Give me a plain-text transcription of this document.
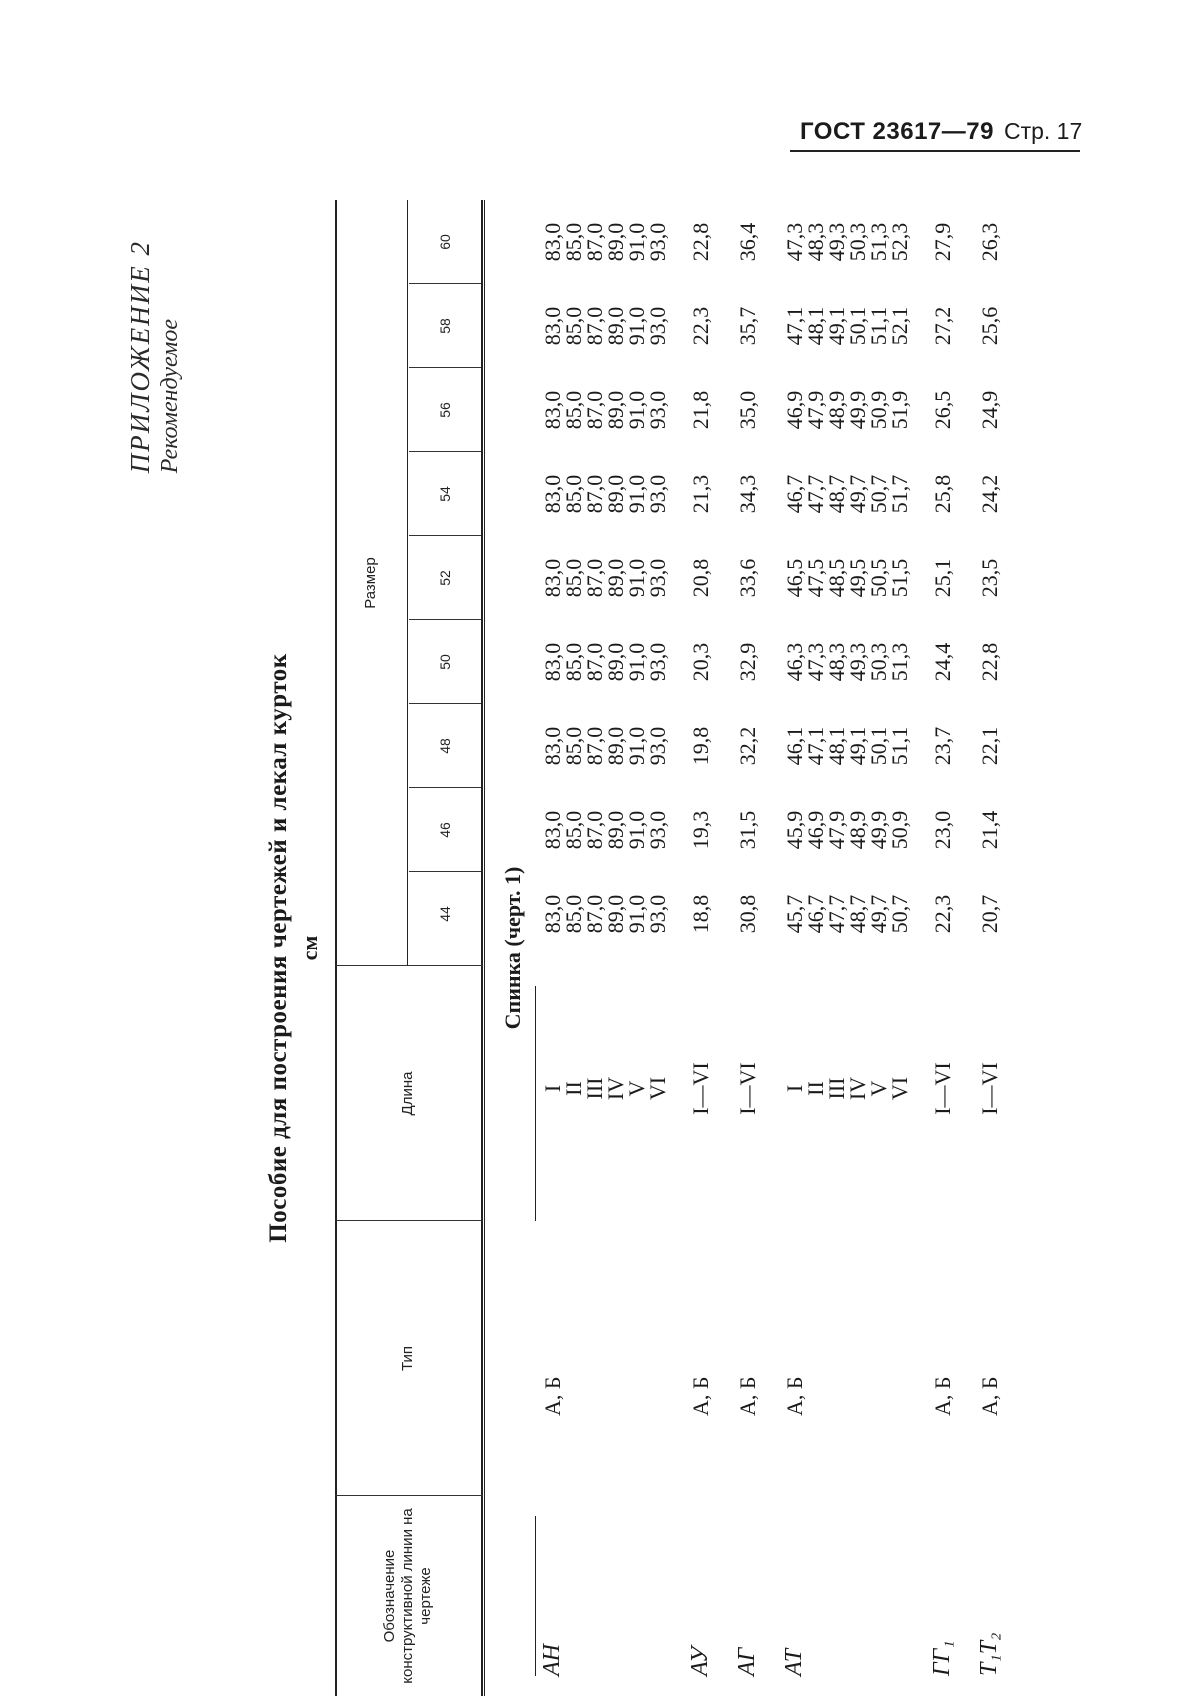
ГОСТ 23617—79 Стр. 17
ПРИЛОЖЕНИЕ 2 Рекомендуемое
Пособие для построения чертежей и лекал курток см
Обозначение конструктивной линии на чертеже
Тип
Длина
Размер
44
46
48
50
52
54
56
58
60
Спинка (черт. 1)
АН
А, Б
I
II
III
IV
V
VI
83,0
85,0
87,0
89,0
91,0
93,0
83,0
85,0
87,0
89,0
91,0
93,0
83,0
85,0
87,0
89,0
91,0
93,0
83,0
85,0
87,0
89,0
91,0
93,0
83,0
85,0
87,0
89,0
91,0
93,0
83,0
85,0
87,0
89,0
91,0
93,0
83,0
85,0
87,0
89,0
91,0
93,0
83,0
85,0
87,0
89,0
91,0
93,0
83,0
85,0
87,0
89,0
91,0
93,0
АУ
А, Б
I—VI
18,8
19,3
19,8
20,3
20,8
21,3
21,8
22,3
22,8
АГ
А, Б
I—VI
30,8
31,5
32,2
32,9
33,6
34,3
35,0
35,7
36,4
АТ
А, Б
I
II
III
IV
V
VI
45,7
46,7
47,7
48,7
49,7
50,7
45,9
46,9
47,9
48,9
49,9
50,9
46,1
47,1
48,1
49,1
50,1
51,1
46,3
47,3
48,3
49,3
50,3
51,3
46,5
47,5
48,5
49,5
50,5
51,5
46,7
47,7
48,7
49,7
50,7
51,7
46,9
47,9
48,9
49,9
50,9
51,9
47,1
48,1
49,1
50,1
51,1
52,1
47,3
48,3
49,3
50,3
51,3
52,3
ГГ₁
А, Б
I—VI
22,3
23,0
23,7
24,4
25,1
25,8
26,5
27,2
27,9
Т₁Т₂
А, Б
I—VI
20,7
21,4
22,1
22,8
23,5
24,2
24,9
25,6
26,3
